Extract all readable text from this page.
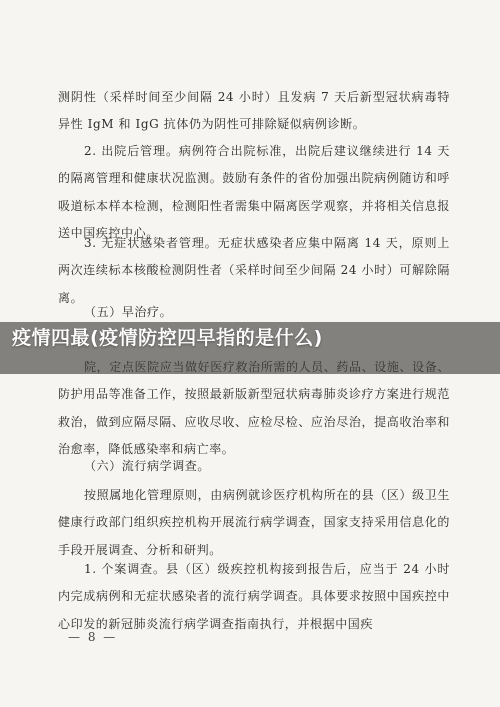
测阴性（采样时间至少间隔 24 小时）且发病 7 天后新型冠状病毒特异性 IgM 和 IgG 抗体仍为阴性可排除疑似病例诊断。

2. 出院后管理。病例符合出院标准，出院后建议继续进行 14 天的隔离管理和健康状况监测。鼓励有条件的省份加强出院病例随访和呼吸道标本样本检测，检测阳性者需集中隔离医学观察，并将相关信息报送中国疾控中心。

3. 无症状感染者管理。无症状感染者应集中隔离 14 天，原则上两次连续标本核酸检测阴性者（采样时间至少间隔 24 小时）可解除隔离。

（五）早治疗。

防护用品等准备工作，按照最新版新型冠状病毒肺炎诊疗方案进行规范救治，做到应隔尽隔、应收尽收、应检尽检、应治尽治，提高收治率和治愈率，降低感染率和病亡率。

（六）流行病学调查。

按照属地化管理原则，由病例就诊医疗机构所在的县（区）级卫生健康行政部门组织疾控机构开展流行病学调查，国家支持采用信息化的手段开展调查、分析和研判。

1. 个案调查。县（区）级疾控机构接到报告后，应当于 24 小时内完成病例和无症状感染者的流行病学调查。具体要求按照中国疾控中心印发的新冠肺炎流行病学调查指南执行，并根据中国疾

— 8 —
疫情四最(疫情防控四早指的是什么)
